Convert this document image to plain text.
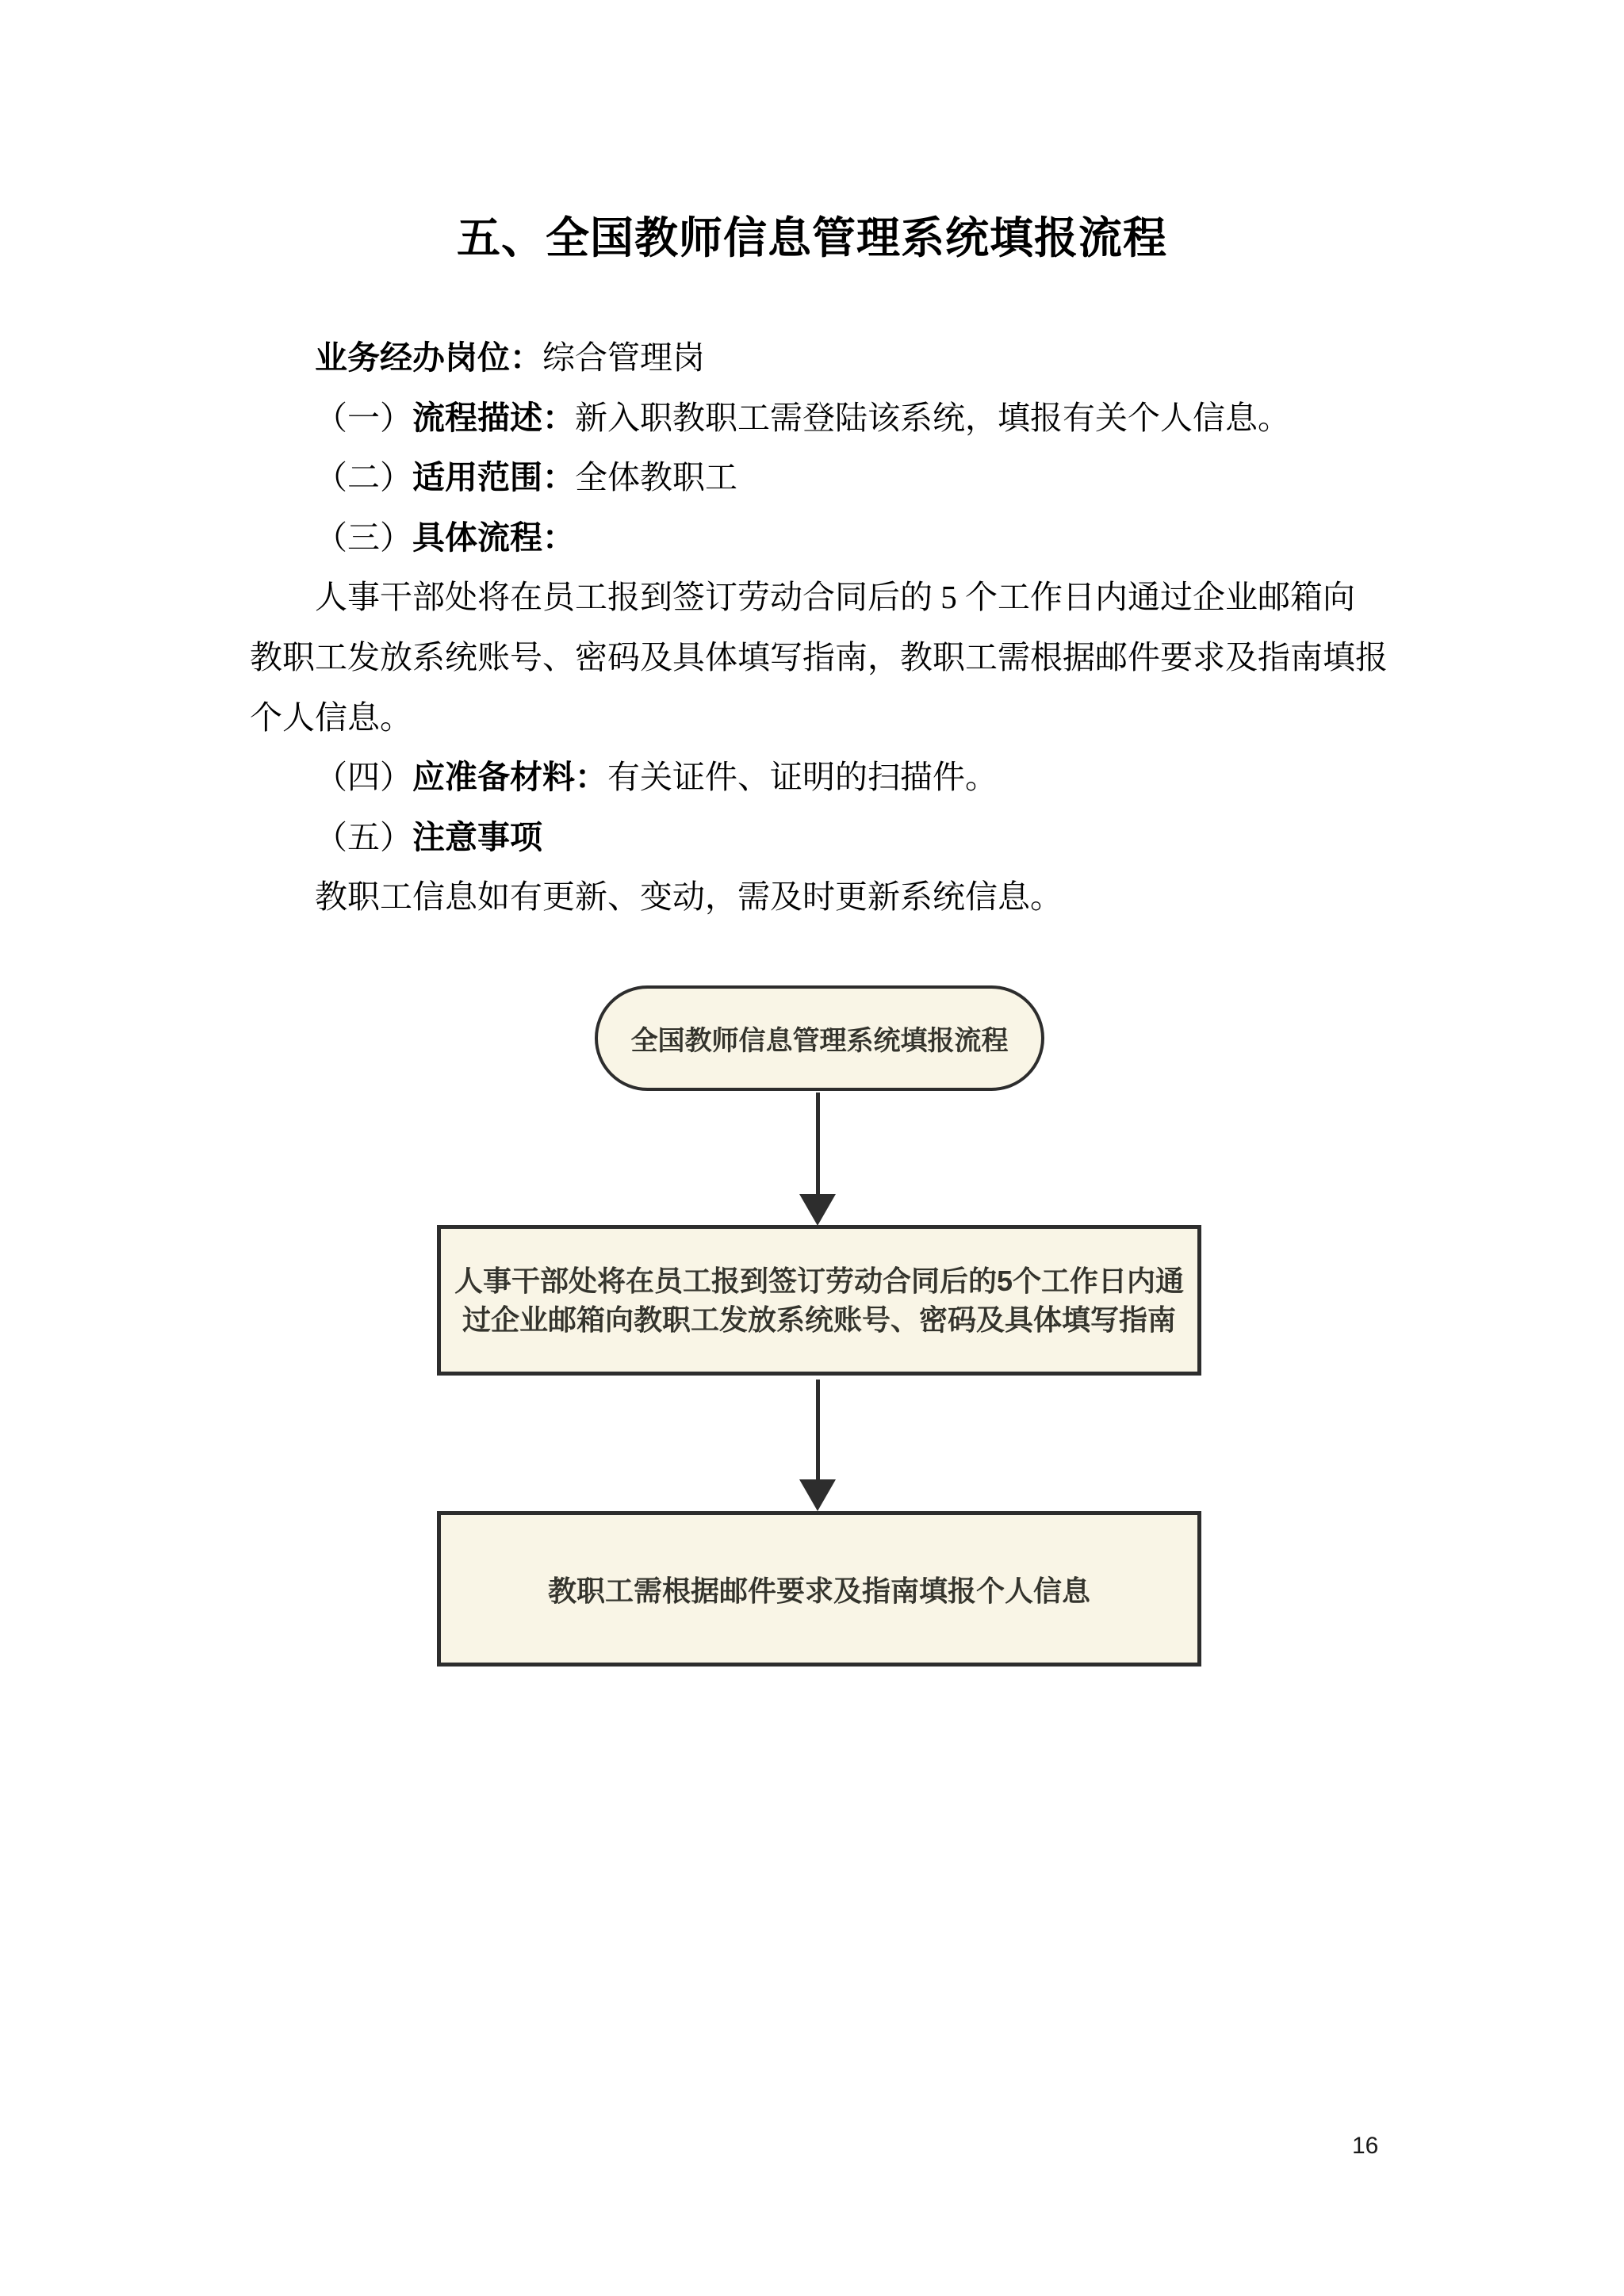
五、全国教师信息管理系统填报流程
业务经办岗位：综合管理岗
（一）流程描述：新入职教职工需登陆该系统，填报有关个人信息。
（二）适用范围：全体教职工
（三）具体流程：
人事干部处将在员工报到签订劳动合同后的 5 个工作日内通过企业邮箱向
教职工发放系统账号、密码及具体填写指南，教职工需根据邮件要求及指南填报
个人信息。
（四）应准备材料：有关证件、证明的扫描件。
（五）注意事项
教职工信息如有更新、变动，需及时更新系统信息。
全国教师信息管理系统填报流程
人事干部处将在员工报到签订劳动合同后的5个工作日内通
过企业邮箱向教职工发放系统账号、密码及具体填写指南
教职工需根据邮件要求及指南填报个人信息
16
